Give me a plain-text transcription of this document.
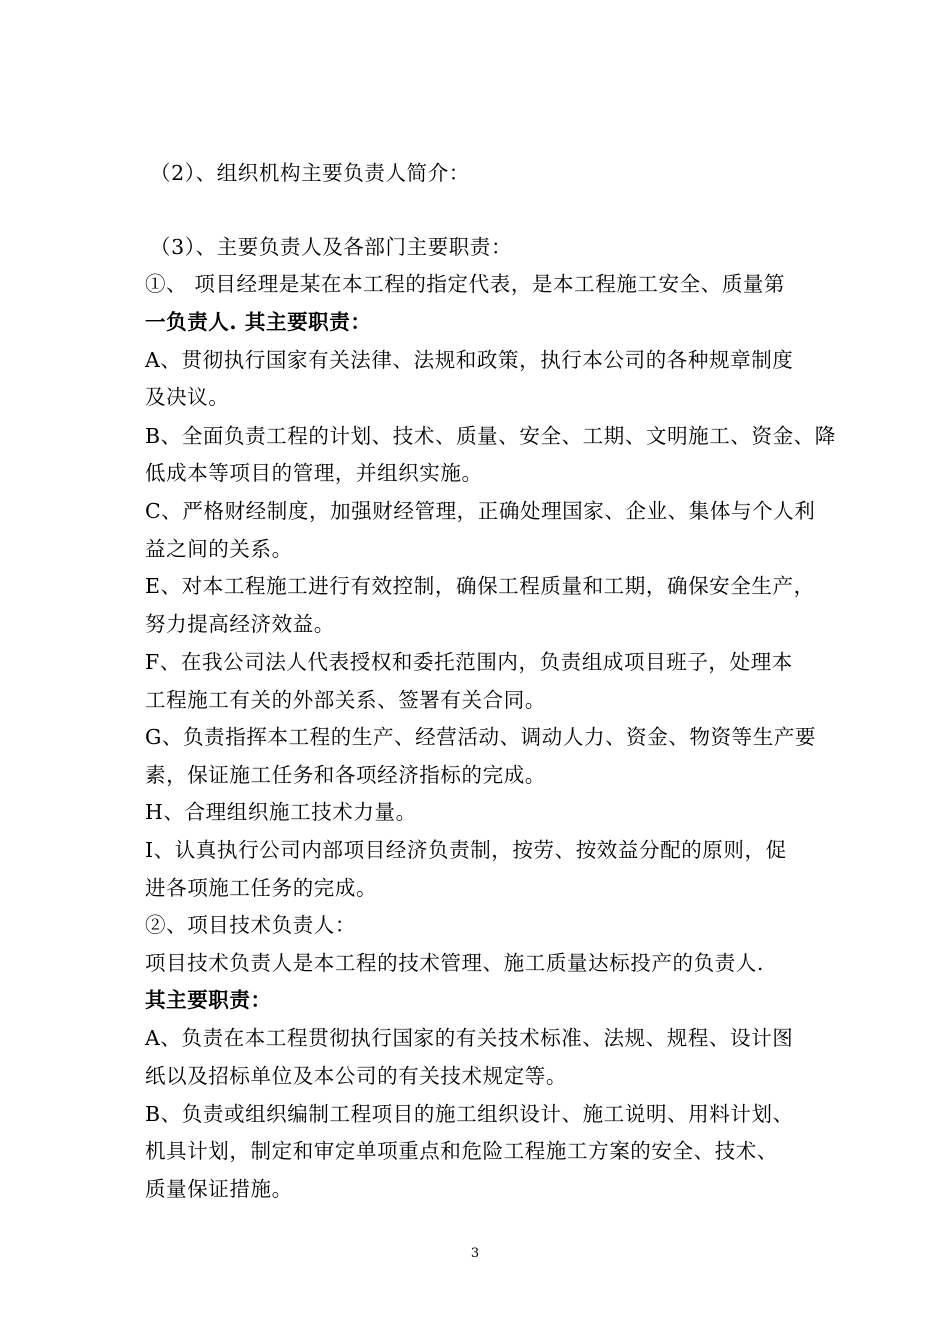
（2）、组织机构主要负责人简介：
（3）、主要负责人及各部门主要职责：
①、 项目经理是某在本工程的指定代表，是本工程施工安全、质量第
一负责人. 其主要职责：
A、贯彻执行国家有关法律、法规和政策，执行本公司的各种规章制度
及决议。
B、全面负责工程的计划、技术、质量、安全、工期、文明施工、资金、降
低成本等项目的管理，并组织实施。
C、严格财经制度，加强财经管理，正确处理国家、企业、集体与个人利
益之间的关系。
E、对本工程施工进行有效控制，确保工程质量和工期，确保安全生产，
努力提高经济效益。
F、在我公司法人代表授权和委托范围内，负责组成项目班子，处理本
工程施工有关的外部关系、签署有关合同。
G、负责指挥本工程的生产、经营活动、调动人力、资金、物资等生产要
素，保证施工任务和各项经济指标的完成。
H、合理组织施工技术力量。
I、认真执行公司内部项目经济负责制，按劳、按效益分配的原则，促
进各项施工任务的完成。
②、项目技术负责人：
项目技术负责人是本工程的技术管理、施工质量达标投产的负责人.
其主要职责：
A、负责在本工程贯彻执行国家的有关技术标准、法规、规程、设计图
纸以及招标单位及本公司的有关技术规定等。
B、负责或组织编制工程项目的施工组织设计、施工说明、用料计划、
机具计划，制定和审定单项重点和危险工程施工方案的安全、技术、
质量保证措施。
3
